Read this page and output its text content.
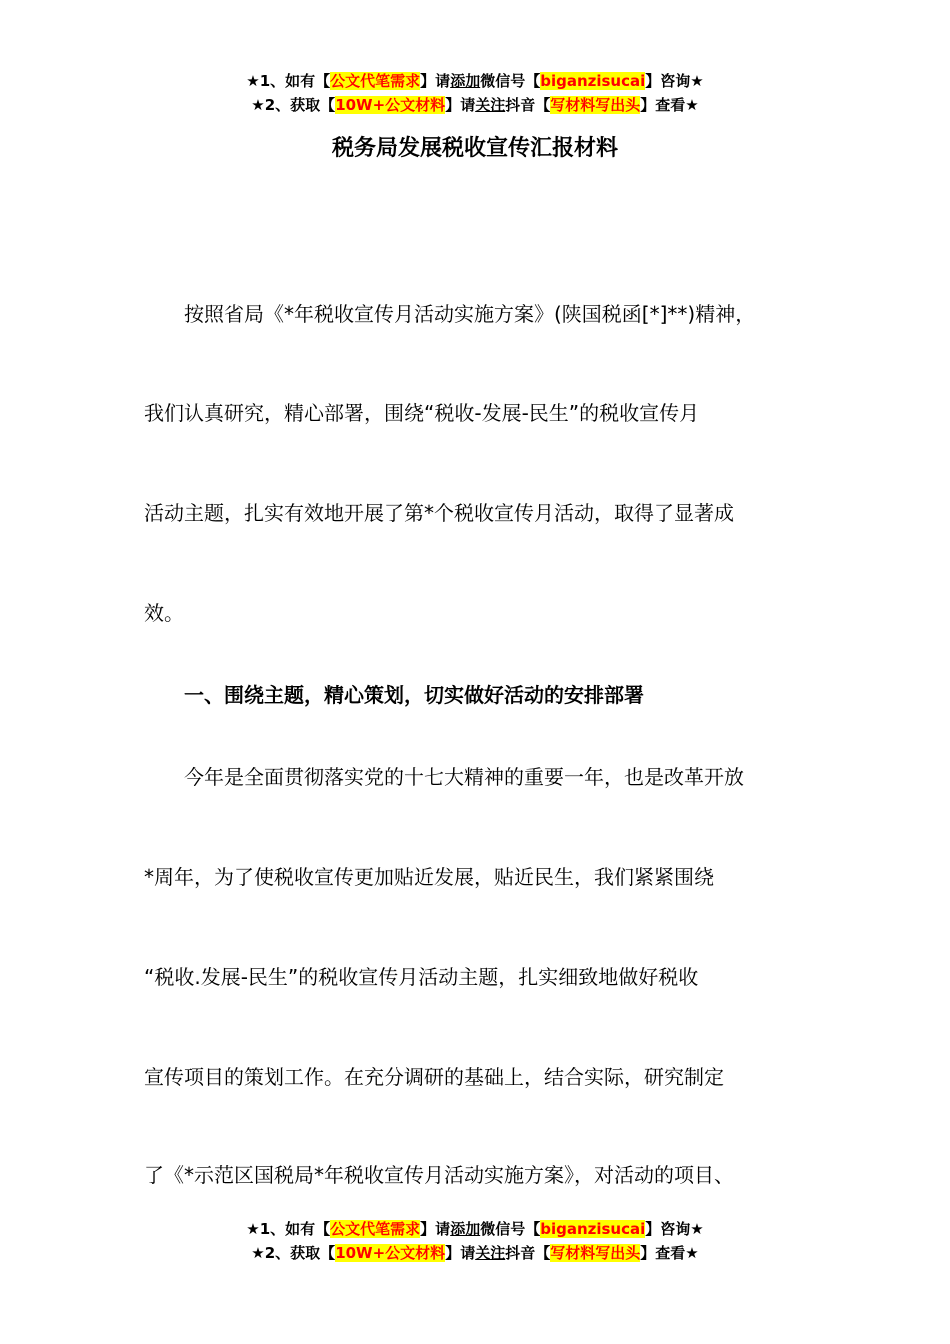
★1、如有【公文代笔需求】请添加微信号【biganzisucai】咨询★
★2、获取【10W+公文材料】请关注抖音【写材料写出头】查看★
税务局发展税收宣传汇报材料
　　按照省局《*年税收宣传月活动实施方案》(陕国税函[*]**)精神，
我们认真研究，精心部署，围绕“税收-发展-民生”的税收宣传月
活动主题，扎实有效地开展了第*个税收宣传月活动，取得了显著成
效。
　　一、围绕主题，精心策划，切实做好活动的安排部署
　　今年是全面贯彻落实党的十七大精神的重要一年，也是改革开放
*周年，为了使税收宣传更加贴近发展，贴近民生，我们紧紧围绕
“税收.发展-民生”的税收宣传月活动主题，扎实细致地做好税收
宣传项目的策划工作。在充分调研的基础上，结合实际，研究制定
了《*示范区国税局*年税收宣传月活动实施方案》，对活动的项目、
★1、如有【公文代笔需求】请添加微信号【biganzisucai】咨询★
★2、获取【10W+公文材料】请关注抖音【写材料写出头】查看★
